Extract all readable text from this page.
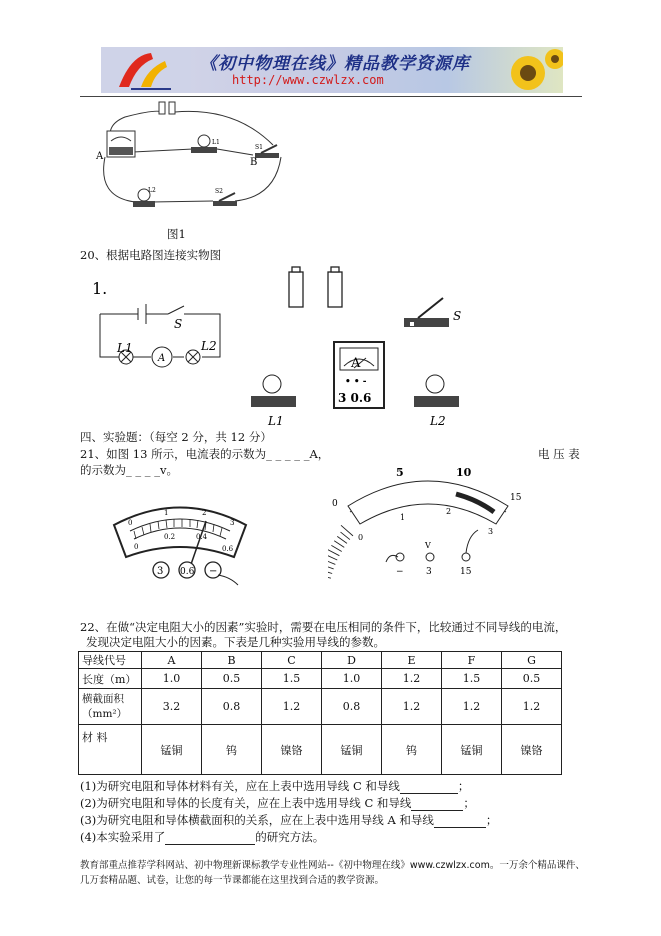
《初中物理在线》精品教学资源库
http://www.czwlzx.com
A
B
L1
S1
L2	S2
图1
20、根据电路图连接实物图
1.
S
A
L1	L2
S
A
• • -
3 0.6
L1	L2
四、实验题：（每空 2 分，共 12 分）
21、如图 13 所示，电流表的示数为_ _ _ _ _A，	电 压 表
的示数为_ _ _ _v。
0
1	2
3
0
0.2	0.4
0.6
3 0.6 −
5	10
15
0
0
1
2
3
V
− 3	15
22、在做“决定电阻大小的因素”实验时，需要在电压相同的条件下，比较通过不同导线的电流，
发现决定电阻大小的因素。下表是几种实验用导线的参数。
导线代号	A	B	C	D	E	F	G
长度（m）	1.0	0.5	1.5	1.0	1.2	1.5	0.5
横截面积（mm²）	3.2	0.8	1.2	0.8	1.2	1.2	1.2
材 料	锰铜	钨	镍铬	锰铜	钨	锰铜	镍铬
(1)为研究电阻和导体材料有关，应在上表中选用导线 C 和导线	；
(2)为研究电阻和导体的长度有关，应在上表中选用导线 C 和导线	；
(3)为研究电阻和导体横截面积的关系，应在上表中选用导线 A 和导线	；
(4)本实验采用了	的研究方法。
教育部重点推荐学科网站、初中物理新课标教学专业性网站--《初中物理在线》www.czwlzx.com。一万余个精品课件、
几万套精品题、试卷，让您的每一节课都能在这里找到合适的教学资源。
